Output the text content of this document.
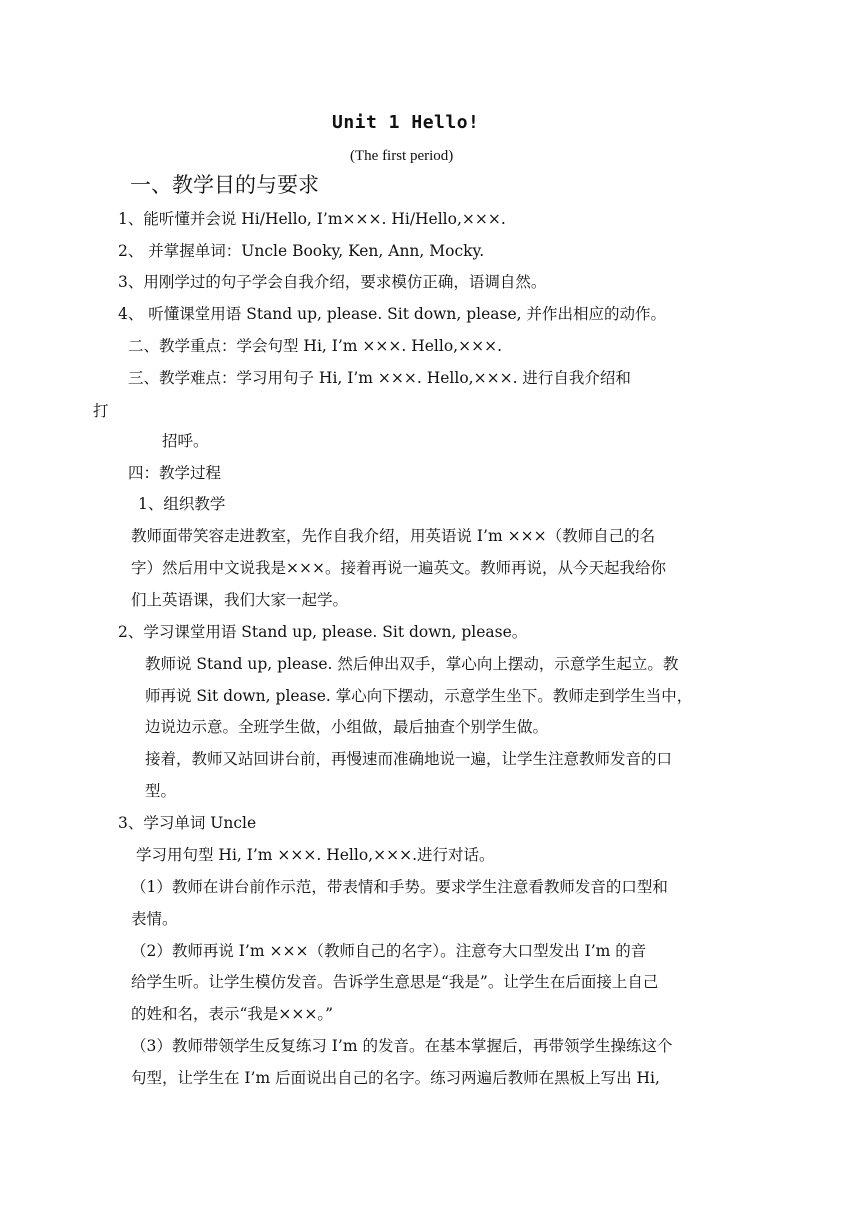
Unit 1 Hello!
(The first period)
一、教学目的与要求
1、能听懂并会说 Hi/Hello, I’m×××. Hi/Hello,×××.
2、 并掌握单词：Uncle Booky, Ken, Ann, Mocky.
3、用刚学过的句子学会自我介绍，要求模仿正确，语调自然。
4、 听懂课堂用语 Stand up, please. Sit down, please, 并作出相应的动作。
二、教学重点：学会句型 Hi, I’m ×××. Hello,×××.
三、教学难点：学习用句子 Hi, I’m ×××. Hello,×××. 进行自我介绍和
打
招呼。
四：教学过程
1、组织教学
教师面带笑容走进教室，先作自我介绍，用英语说 I’m ×××（教师自己的名
字）然后用中文说我是×××。接着再说一遍英文。教师再说，从今天起我给你
们上英语课，我们大家一起学。
2、学习课堂用语 Stand up, please. Sit down, please。
教师说 Stand up, please. 然后伸出双手，掌心向上摆动，示意学生起立。教
师再说 Sit down, please. 掌心向下摆动，示意学生坐下。教师走到学生当中，
边说边示意。全班学生做，小组做，最后抽查个别学生做。
接着，教师又站回讲台前，再慢速而准确地说一遍，让学生注意教师发音的口
型。
3、学习单词 Uncle
学习用句型 Hi, I’m ×××. Hello,×××.进行对话。
（1）教师在讲台前作示范，带表情和手势。要求学生注意看教师发音的口型和
表情。
（2）教师再说 I’m ×××（教师自己的名字）。注意夸大口型发出 I’m 的音
给学生听。让学生模仿发音。告诉学生意思是“我是”。让学生在后面接上自己
的姓和名，表示“我是×××。”
（3）教师带领学生反复练习 I’m 的发音。在基本掌握后，再带领学生操练这个
句型，让学生在 I’m 后面说出自己的名字。练习两遍后教师在黑板上写出 Hi,
